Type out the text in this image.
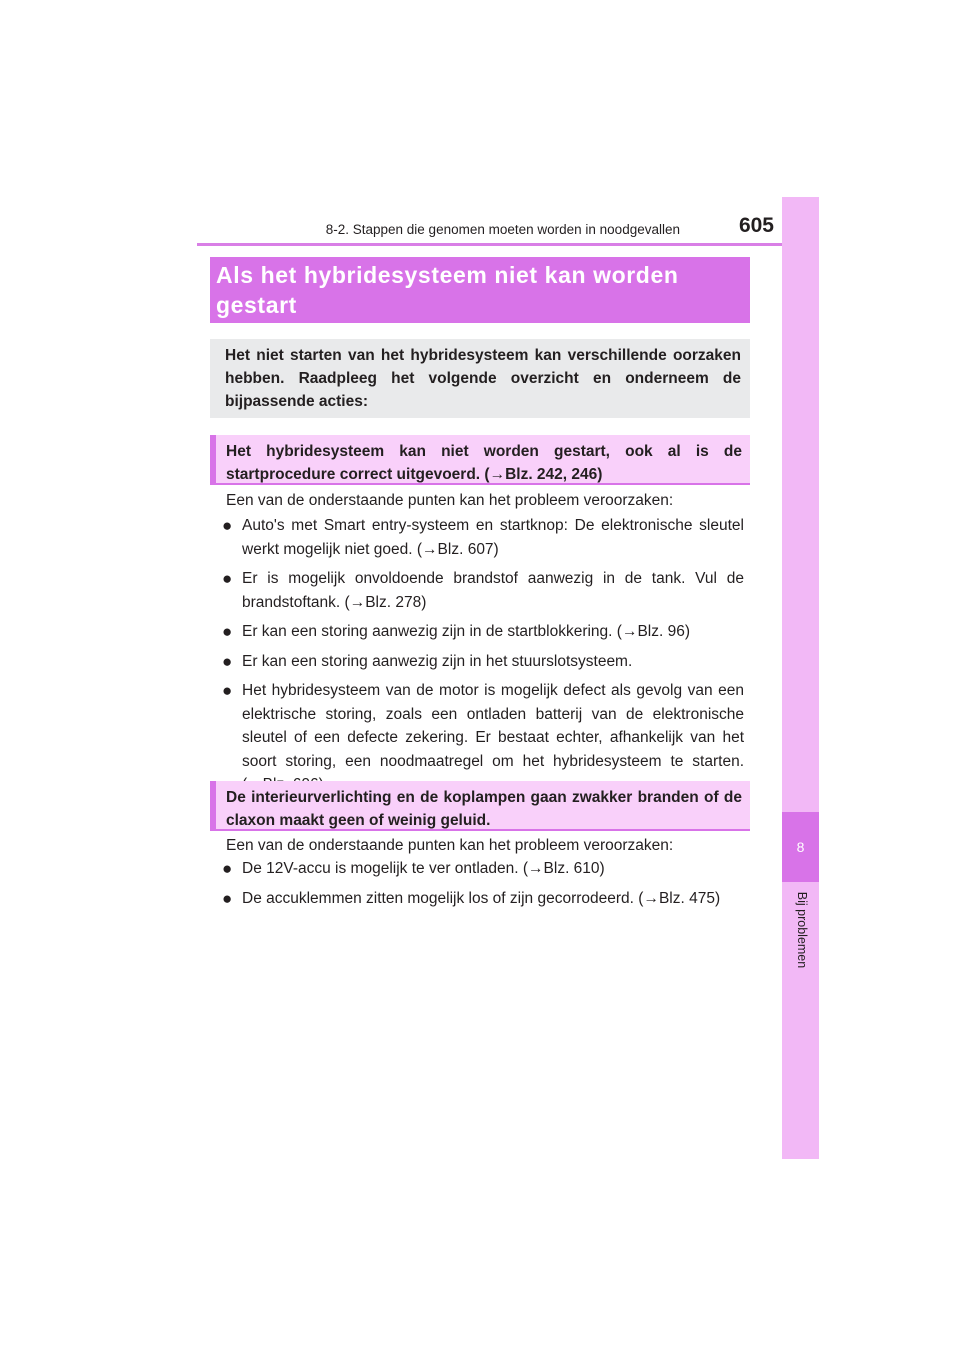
8-2. Stappen die genomen moeten worden in noodgevallen	605
8
Bij problemen
Als het hybridesysteem niet kan worden gestart
Het niet starten van het hybridesysteem kan verschillende oorzaken hebben. Raadpleeg het volgende overzicht en onderneem de bijpassende acties:
Het hybridesysteem kan niet worden gestart, ook al is de startprocedure correct uitgevoerd. (→Blz. 242, 246)
Een van de onderstaande punten kan het probleem veroorzaken:
● Auto's met Smart entry-systeem en startknop: De elektronische sleutel werkt mogelijk niet goed. (→Blz. 607)
● Er is mogelijk onvoldoende brandstof aanwezig in de tank. Vul de brandstoftank. (→Blz. 278)
● Er kan een storing aanwezig zijn in de startblokkering. (→Blz. 96)
● Er kan een storing aanwezig zijn in het stuurslotsysteem.
● Het hybridesysteem van de motor is mogelijk defect als gevolg van een elektrische storing, zoals een ontladen batterij van de elektronische sleutel of een defecte zekering. Er bestaat echter, afhankelijk van het soort storing, een noodmaatregel om het hybridesysteem te starten.
De interieurverlichting en de koplampen gaan zwakker branden of de claxon maakt geen of weinig geluid.
Een van de onderstaande punten kan het probleem veroorzaken:
● De 12V-accu is mogelijk te ver ontladen. (→Blz. 610)
● De accuklemmen zitten mogelijk los of zijn gecorrodeerd. (→Blz. 475)
